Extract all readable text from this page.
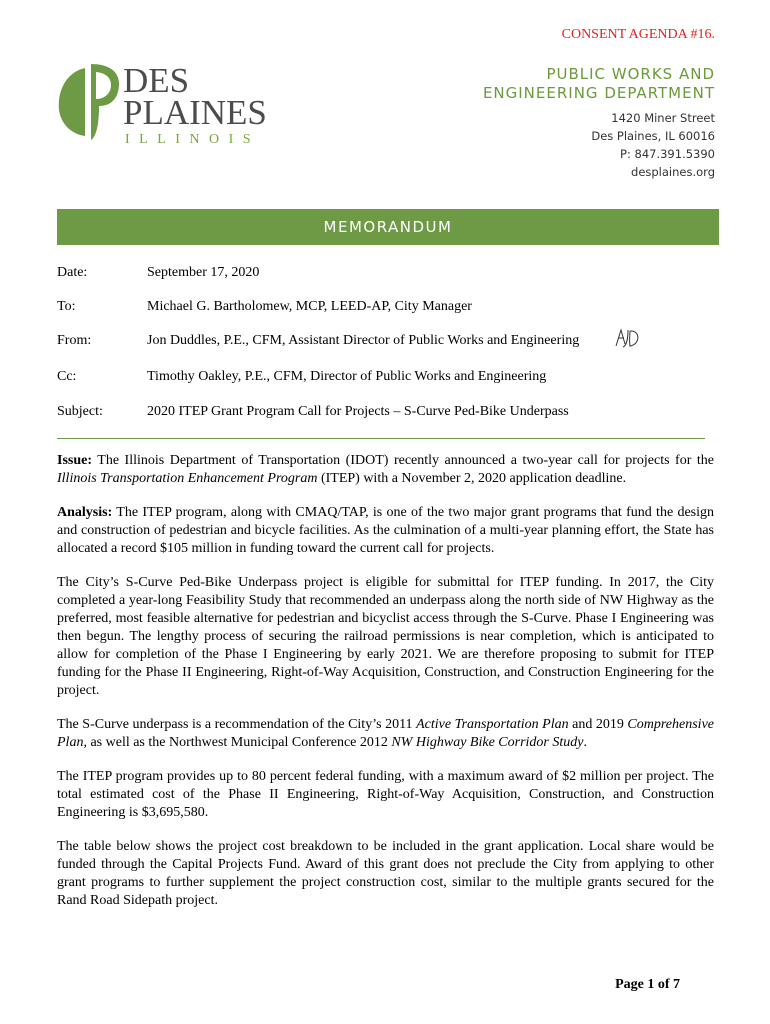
CONSENT AGENDA #16.
DES
PLAINES
ILLINOIS
PUBLIC WORKS AND
ENGINEERING DEPARTMENT
1420 Miner Street
Des Plaines, IL 60016
P: 847.391.5390
desplaines.org
MEMORANDUM
Date:	September 17, 2020
To:	Michael G. Bartholomew, MCP, LEED-AP, City Manager
From:	Jon Duddles, P.E., CFM, Assistant Director of Public Works and Engineering
Cc:	Timothy Oakley, P.E., CFM, Director of Public Works and Engineering
Subject:	2020 ITEP Grant Program Call for Projects – S-Curve Ped-Bike Underpass

Issue: The Illinois Department of Transportation (IDOT) recently announced a two-year call for projects for the Illinois Transportation Enhancement Program (ITEP) with a November 2, 2020 application deadline.

Analysis: The ITEP program, along with CMAQ/TAP, is one of the two major grant programs that fund the design and construction of pedestrian and bicycle facilities. As the culmination of a multi-year planning effort, the State has allocated a record $105 million in funding toward the current call for projects.

The City’s S-Curve Ped-Bike Underpass project is eligible for submittal for ITEP funding. In 2017, the City completed a year-long Feasibility Study that recommended an underpass along the north side of NW Highway as the preferred, most feasible alternative for pedestrian and bicyclist access through the S-Curve. Phase I Engineering was then begun. The lengthy process of securing the railroad permissions is near completion, which is anticipated to allow for completion of the Phase I Engineering by early 2021. We are therefore proposing to submit for ITEP funding for the Phase II Engineering, Right-of-Way Acquisition, Construction, and Construction Engineering for the project.

The S-Curve underpass is a recommendation of the City’s 2011 Active Transportation Plan and 2019 Comprehensive Plan, as well as the Northwest Municipal Conference 2012 NW Highway Bike Corridor Study.

The ITEP program provides up to 80 percent federal funding, with a maximum award of $2 million per project. The total estimated cost of the Phase II Engineering, Right-of-Way Acquisition, Construction, and Construction Engineering is $3,695,580.

The table below shows the project cost breakdown to be included in the grant application. Local share would be funded through the Capital Projects Fund. Award of this grant does not preclude the City from applying to other grant programs to further supplement the project construction cost, similar to the multiple grants secured for the Rand Road Sidepath project.

Page 1 of 7
